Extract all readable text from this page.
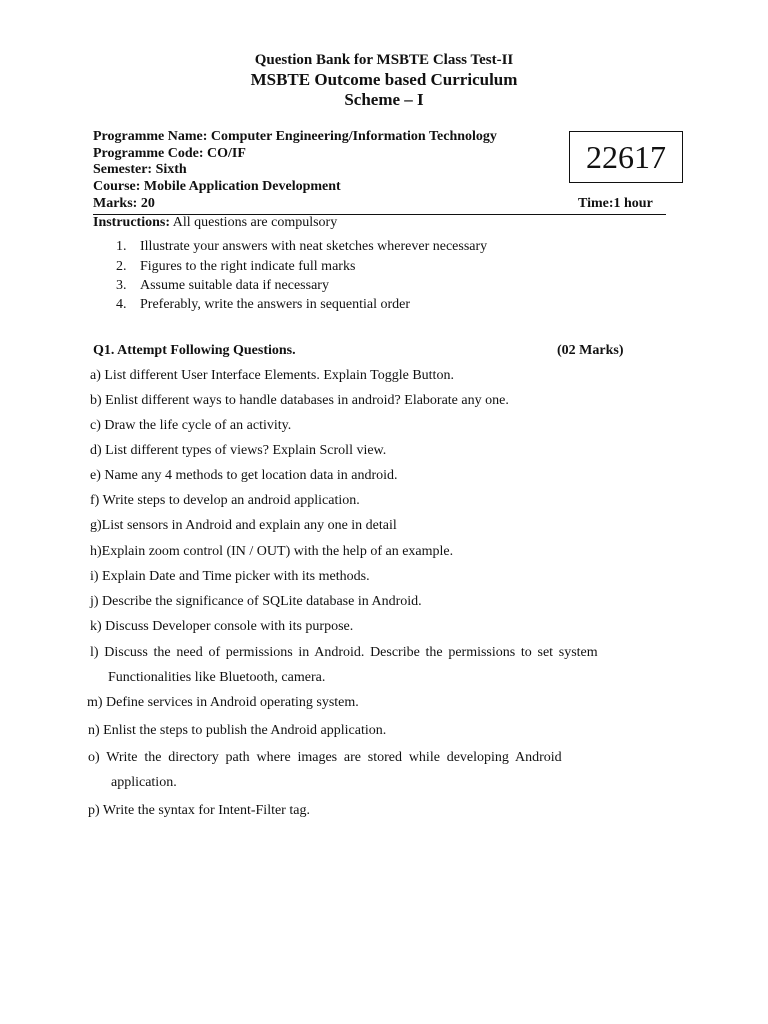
Question Bank for MSBTE Class Test-II
MSBTE Outcome based Curriculum
Scheme – I
Programme Name: Computer Engineering/Information Technology
Programme Code: CO/IF
Semester: Sixth
Course: Mobile Application Development
Marks: 20
22617
Time:1 hour
Instructions: All questions are compulsory
1. Illustrate your answers with neat sketches wherever necessary
2. Figures to the right indicate full marks
3. Assume suitable data if necessary
4. Preferably, write the answers in sequential order
Q1. Attempt Following Questions.	(02 Marks)
a) List different User Interface Elements. Explain Toggle Button.
b) Enlist different ways to handle databases in android? Elaborate any one.
c) Draw the life cycle of an activity.
d) List different types of views? Explain Scroll view.
e) Name any 4 methods to get location data in android.
f) Write steps to develop an android application.
g)List sensors in Android and explain any one in detail
h)Explain zoom control (IN / OUT) with the help of an example.
i) Explain Date and Time picker with its methods.
j) Describe the significance of SQLite database in Android.
k) Discuss Developer console with its purpose.
l) Discuss the need of permissions in Android. Describe the permissions to set system
Functionalities like Bluetooth, camera.
m) Define services in Android operating system.
n) Enlist the steps to publish the Android application.
o) Write the directory path where images are stored while developing Android
application.
p) Write the syntax for Intent-Filter tag.
